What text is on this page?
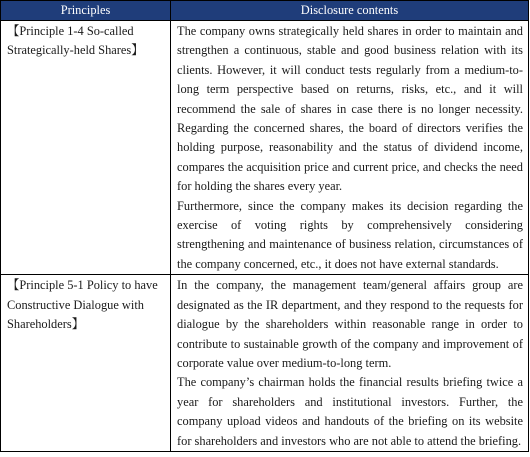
Principles	Disclosure contents
【Principle 1-4 So-called Strategically-held Shares】	The company owns strategically held shares in order to maintain and strengthen a continuous, stable and good business relation with its clients. However, it will conduct tests regularly from a medium-to-long term perspective based on returns, risks, etc., and it will recommend the sale of shares in case there is no longer necessity. Regarding the concerned shares, the board of directors verifies the holding purpose, reasonability and the status of dividend income, compares the acquisition price and current price, and checks the need for holding the shares every year.

Furthermore, since the company makes its decision regarding the exercise of voting rights by comprehensively considering strengthening and maintenance of business relation, circumstances of the company concerned, etc., it does not have external standards.

【Principle 5-1 Policy to have Constructive Dialogue with Shareholders】	In the company, the management team/general affairs group are designated as the IR department, and they respond to the requests for dialogue by the shareholders within reasonable range in order to contribute to sustainable growth of the company and improvement of corporate value over medium-to-long term.

The company’s chairman holds the financial results briefing twice a year for shareholders and institutional investors. Further, the company upload videos and handouts of the briefing on its website for shareholders and investors who are not able to attend the briefing.
